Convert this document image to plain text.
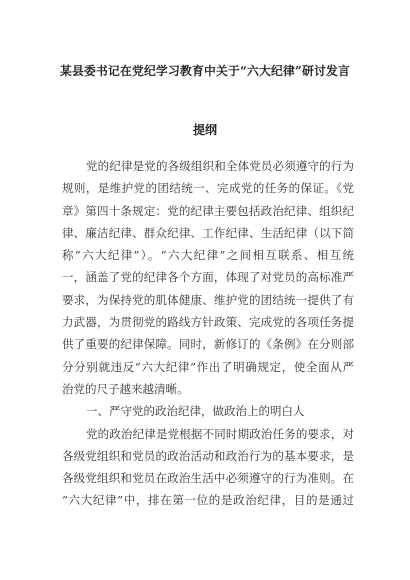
某县委书记在党纪学习教育中关于“六大纪律”研讨发言
提纲
党的纪律是党的各级组织和全体党员必须遵守的行为
规则，是维护党的团结统一、完成党的任务的保证。《党
章》第四十条规定：党的纪律主要包括政治纪律、组织纪
律、廉洁纪律、群众纪律、工作纪律、生活纪律（以下简
称“六大纪律”）。“六大纪律”之间相互联系、相互统
一，涵盖了党的纪律各个方面，体现了对党员的高标准严
要求，为保持党的肌体健康、维护党的团结统一提供了有
力武器，为贯彻党的路线方针政策、完成党的各项任务提
供了重要的纪律保障。同时，新修订的《条例》在分则部
分分别就违反“六大纪律”作出了明确规定，使全面从严
治党的尺子越来越清晰。
一、严守党的政治纪律，做政治上的明白人
党的政治纪律是党根据不同时期政治任务的要求，对
各级党组织和党员的政治活动和政治行为的基本要求，是
各级党组织和党员在政治生活中必须遵守的行为准则。在
“六大纪律”中，排在第一位的是政治纪律，目的是通过
